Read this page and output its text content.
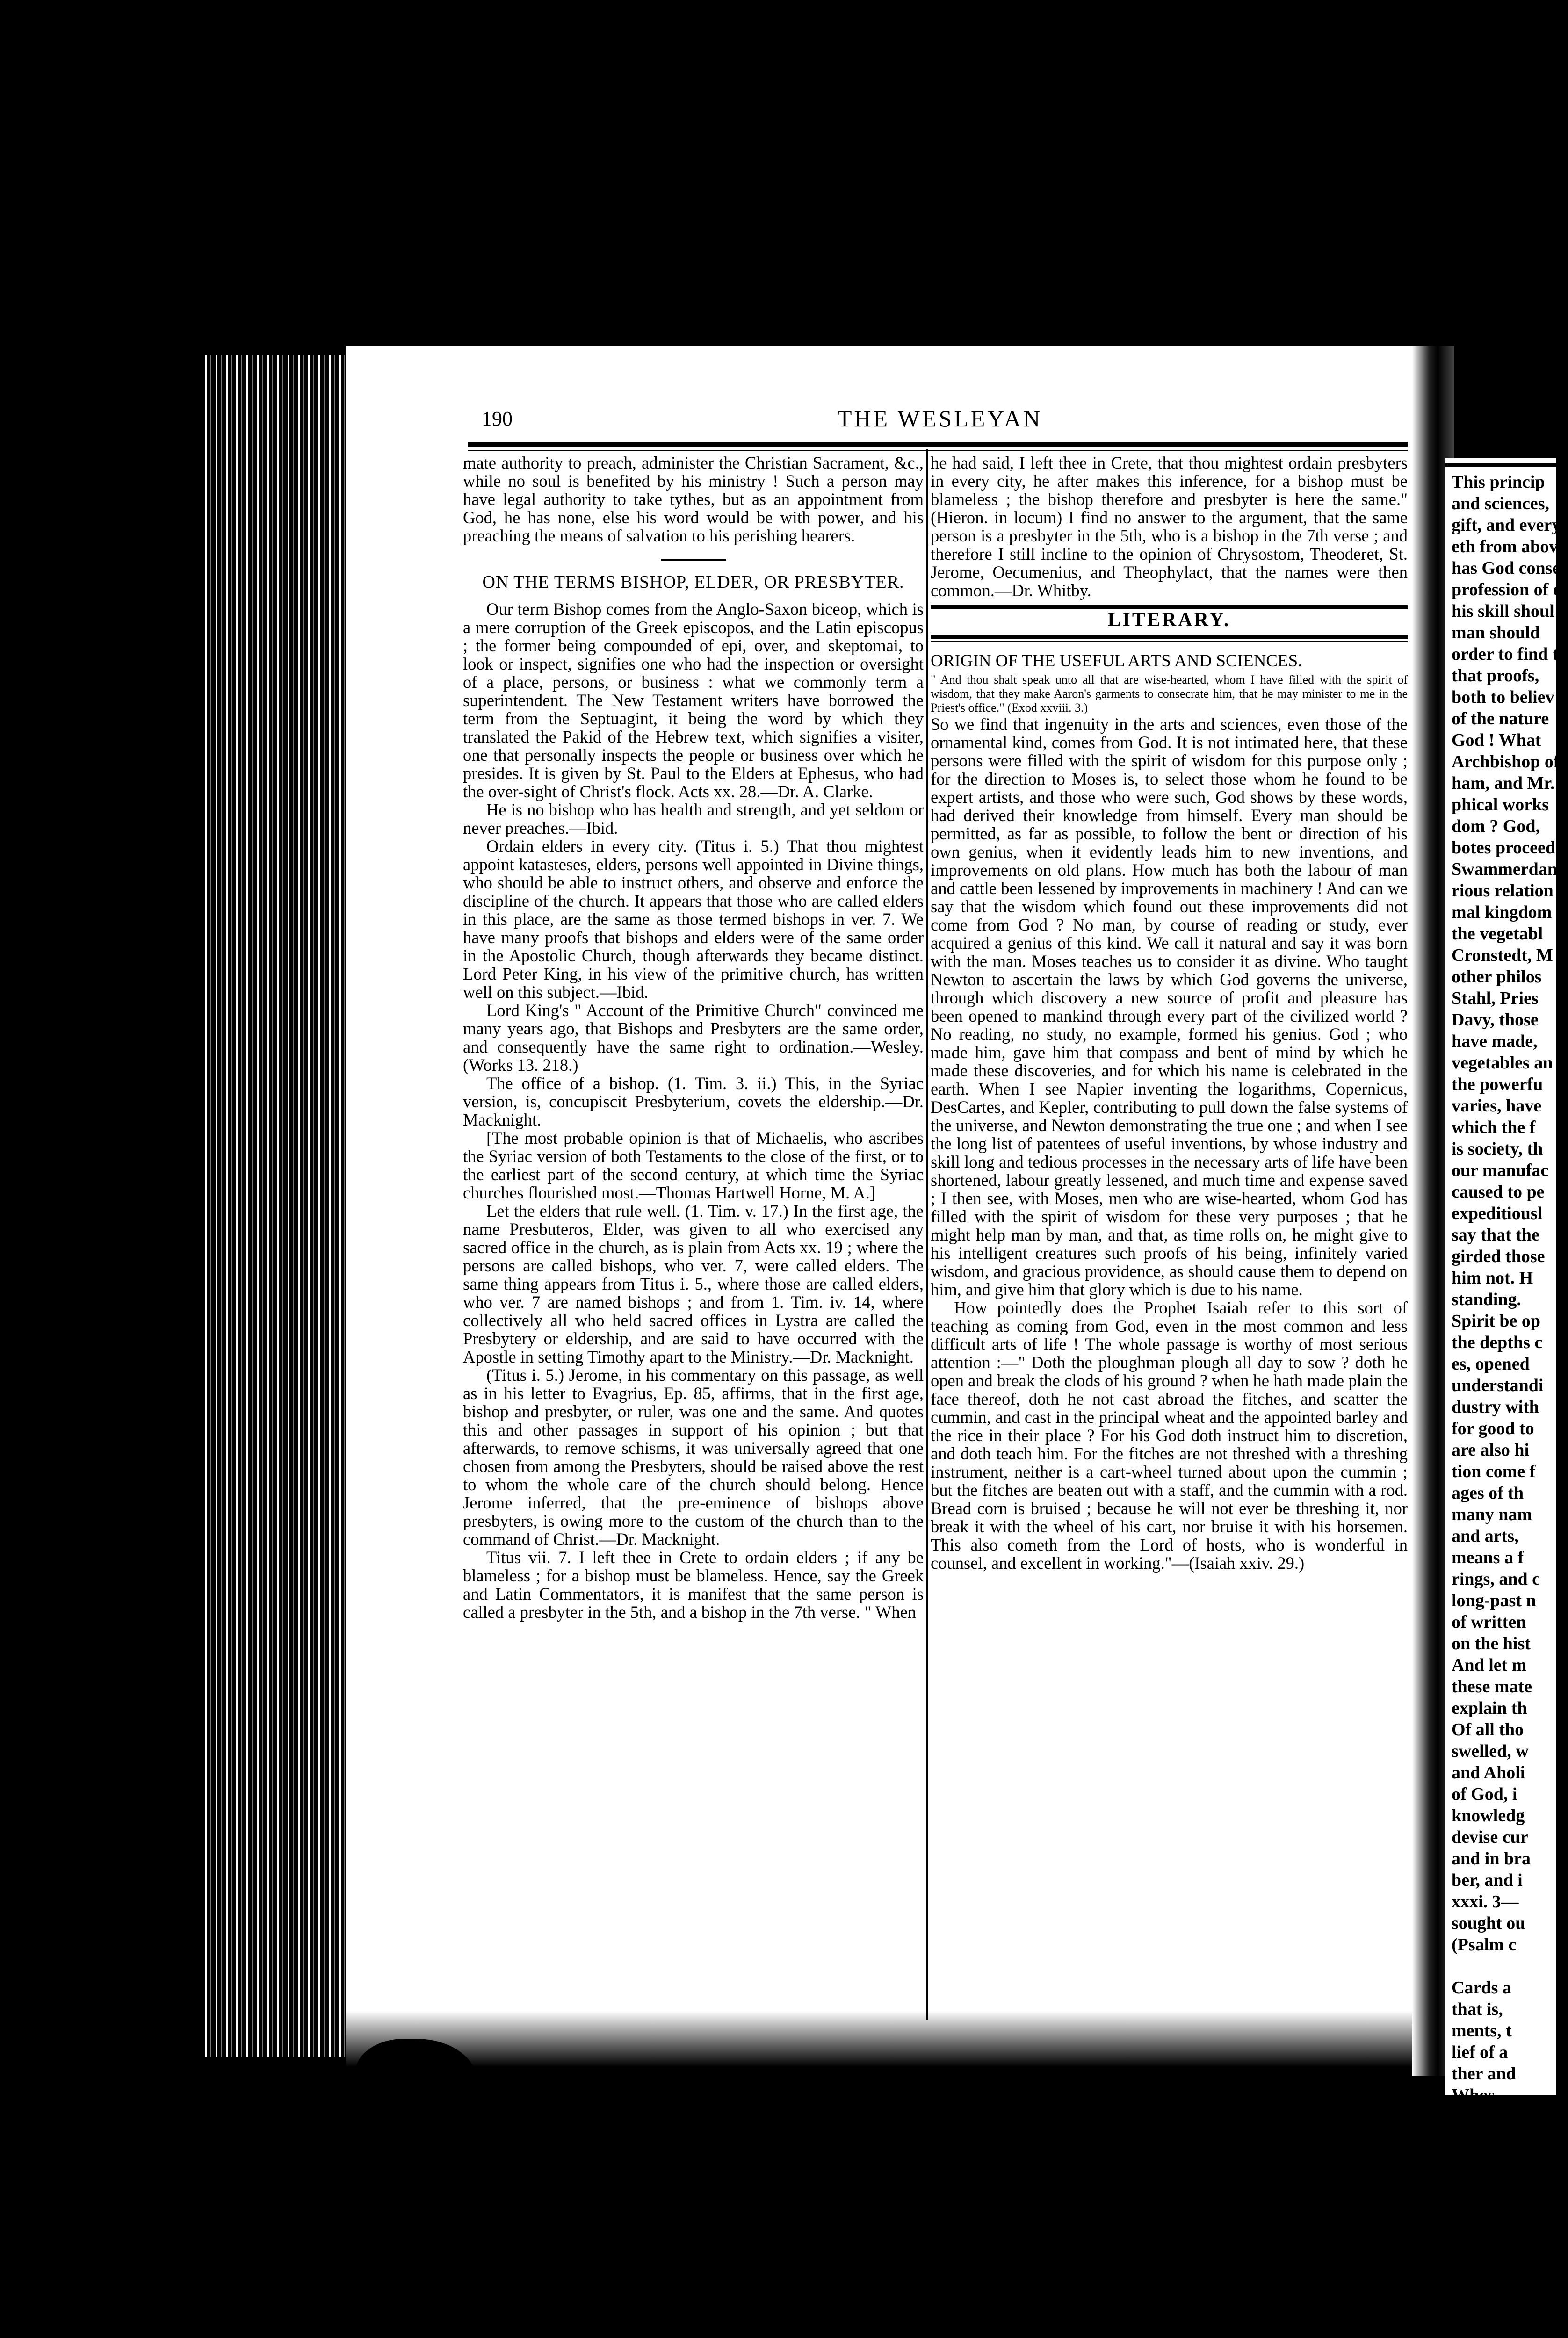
This princip
and sciences,
gift, and every
eth from abov
has God conse
profession of e
his skill shoul
man should
order to find th
that proofs,
both to believ
of the nature
God ! What
Archbishop of
ham, and Mr.
phical works
dom ? God,
botes proceed
Swammerdan
rious relation
mal kingdom
the vegetabl
Cronstedt, M
other philos
Stahl, Pries
Davy, those
have made,
vegetables an
the powerfu
varies, have
which the f
is society, th
our manufac
caused to pe
expeditiousl
say that the
girded those
him not. H
standing.
Spirit be op
the depths c
es, opened
understandi
dustry with
for good to
are also hi
tion come f
ages of th
many nam
and arts,
means a f
rings, and c
long-past n
of written
on the hist
And let m
these mate
explain th
Of all tho
swelled, w
and Aholi
of God, i
knowledg
devise cur
and in bra
ber, and i
xxxi. 3—
sought ou
(Psalm c

Cards a
that is,
ments, t
lief of a
ther and
Whos
ye have c
190	THE WESLEYAN

mate authority to preach, administer the Christian Sacrament, &c., while no soul is benefited by his ministry ! Such a person may have legal authority to take tythes, but as an appointment from God, he has none, else his word would be with power, and his preaching the means of salvation to his perishing hearers.

ON THE TERMS BISHOP, ELDER, OR PRESBYTER.

Our term Bishop comes from the Anglo-Saxon biceop, which is a mere corruption of the Greek episcopos, and the Latin episcopus ; the former being compounded of epi, over, and skeptomai, to look or inspect, signifies one who had the inspection or oversight of a place, persons, or business : what we commonly term a superintendent. The New Testament writers have borrowed the term from the Septuagint, it being the word by which they translated the Pakid of the Hebrew text, which signifies a visiter, one that personally inspects the people or business over which he presides. It is given by St. Paul to the Elders at Ephesus, who had the over-sight of Christ's flock. Acts xx. 28.—Dr. A. Clarke.

He is no bishop who has health and strength, and yet seldom or never preaches.—Ibid.

Ordain elders in every city. (Titus i. 5.) That thou mightest appoint katasteses, elders, persons well appointed in Divine things, who should be able to instruct others, and observe and enforce the discipline of the church. It appears that those who are called elders in this place, are the same as those termed bishops in ver. 7. We have many proofs that bishops and elders were of the same order in the Apostolic Church, though afterwards they became distinct. Lord Peter King, in his view of the primitive church, has written well on this subject.—Ibid.

Lord King's " Account of the Primitive Church" convinced me many years ago, that Bishops and Presbyters are the same order, and consequently have the same right to ordination.—Wesley. (Works 13. 218.)

The office of a bishop. (1. Tim. 3. ii.) This, in the Syriac version, is, concupiscit Presbyterium, covets the eldership.—Dr. Macknight.

[The most probable opinion is that of Michaelis, who ascribes the Syriac version of both Testaments to the close of the first, or to the earliest part of the second century, at which time the Syriac churches flourished most.—Thomas Hartwell Horne, M. A.]

Let the elders that rule well. (1. Tim. v. 17.) In the first age, the name Presbuteros, Elder, was given to all who exercised any sacred office in the church, as is plain from Acts xx. 19 ; where the persons are called bishops, who ver. 7, were called elders. The same thing appears from Titus i. 5., where those are called elders, who ver. 7 are named bishops ; and from 1. Tim. iv. 14, where collectively all who held sacred offices in Lystra are called the Presbytery or eldership, and are said to have occurred with the Apostle in setting Timothy apart to the Ministry.—Dr. Macknight.

(Titus i. 5.) Jerome, in his commentary on this passage, as well as in his letter to Evagrius, Ep. 85, affirms, that in the first age, bishop and presbyter, or ruler, was one and the same. And quotes this and other passages in support of his opinion ; but that afterwards, to remove schisms, it was universally agreed that one chosen from among the Presbyters, should be raised above the rest to whom the whole care of the church should belong. Hence Jerome inferred, that the pre-eminence of bishops above presbyters, is owing more to the custom of the church than to the command of Christ.—Dr. Macknight.

Titus vii. 7. I left thee in Crete to ordain elders ; if any be blameless ; for a bishop must be blameless. Hence, say the Greek and Latin Commentators, it is manifest that the same person is called a presbyter in the 5th, and a bishop in the 7th verse. " When

he had said, I left thee in Crete, that thou mightest ordain presbyters in every city, he after makes this inference, for a bishop must be blameless ; the bishop therefore and presbyter is here the same." (Hieron. in locum) I find no answer to the argument, that the same person is a presbyter in the 5th, who is a bishop in the 7th verse ; and therefore I still incline to the opinion of Chrysostom, Theoderet, St. Jerome, Oecumenius, and Theophylact, that the names were then common.—Dr. Whitby.

LITERARY.
ORIGIN OF THE USEFUL ARTS AND SCIENCES.

" And thou shalt speak unto all that are wise-hearted, whom I have filled with the spirit of wisdom, that they make Aaron's garments to consecrate him, that he may minister to me in the Priest's office." (Exod xxviii. 3.)

So we find that ingenuity in the arts and sciences, even those of the ornamental kind, comes from God. It is not intimated here, that these persons were filled with the spirit of wisdom for this purpose only ; for the direction to Moses is, to select those whom he found to be expert artists, and those who were such, God shows by these words, had derived their knowledge from himself. Every man should be permitted, as far as possible, to follow the bent or direction of his own genius, when it evidently leads him to new inventions, and improvements on old plans. How much has both the labour of man and cattle been lessened by improvements in machinery ! And can we say that the wisdom which found out these improvements did not come from God ? No man, by course of reading or study, ever acquired a genius of this kind. We call it natural and say it was born with the man. Moses teaches us to consider it as divine. Who taught Newton to ascertain the laws by which God governs the universe, through which discovery a new source of profit and pleasure has been opened to mankind through every part of the civilized world ? No reading, no study, no example, formed his genius. God ; who made him, gave him that compass and bent of mind by which he made these discoveries, and for which his name is celebrated in the earth. When I see Napier inventing the logarithms, Copernicus, DesCartes, and Kepler, contributing to pull down the false systems of the universe, and Newton demonstrating the true one ; and when I see the long list of patentees of useful inventions, by whose industry and skill long and tedious processes in the necessary arts of life have been shortened, labour greatly lessened, and much time and expense saved ; I then see, with Moses, men who are wise-hearted, whom God has filled with the spirit of wisdom for these very purposes ; that he might help man by man, and that, as time rolls on, he might give to his intelligent creatures such proofs of his being, infinitely varied wisdom, and gracious providence, as should cause them to depend on him, and give him that glory which is due to his name.

How pointedly does the Prophet Isaiah refer to this sort of teaching as coming from God, even in the most common and less difficult arts of life ! The whole passage is worthy of most serious attention :—" Doth the ploughman plough all day to sow ? doth he open and break the clods of his ground ? when he hath made plain the face thereof, doth he not cast abroad the fitches, and scatter the cummin, and cast in the principal wheat and the appointed barley and the rice in their place ? For his God doth instruct him to discretion, and doth teach him. For the fitches are not threshed with a threshing instrument, neither is a cart-wheel turned about upon the cummin ; but the fitches are beaten out with a staff, and the cummin with a rod. Bread corn is bruised ; because he will not ever be threshing it, nor break it with the wheel of his cart, nor bruise it with his horsemen. This also cometh from the Lord of hosts, who is wonderful in counsel, and excellent in working."—(Isaiah xxiv. 29.)
